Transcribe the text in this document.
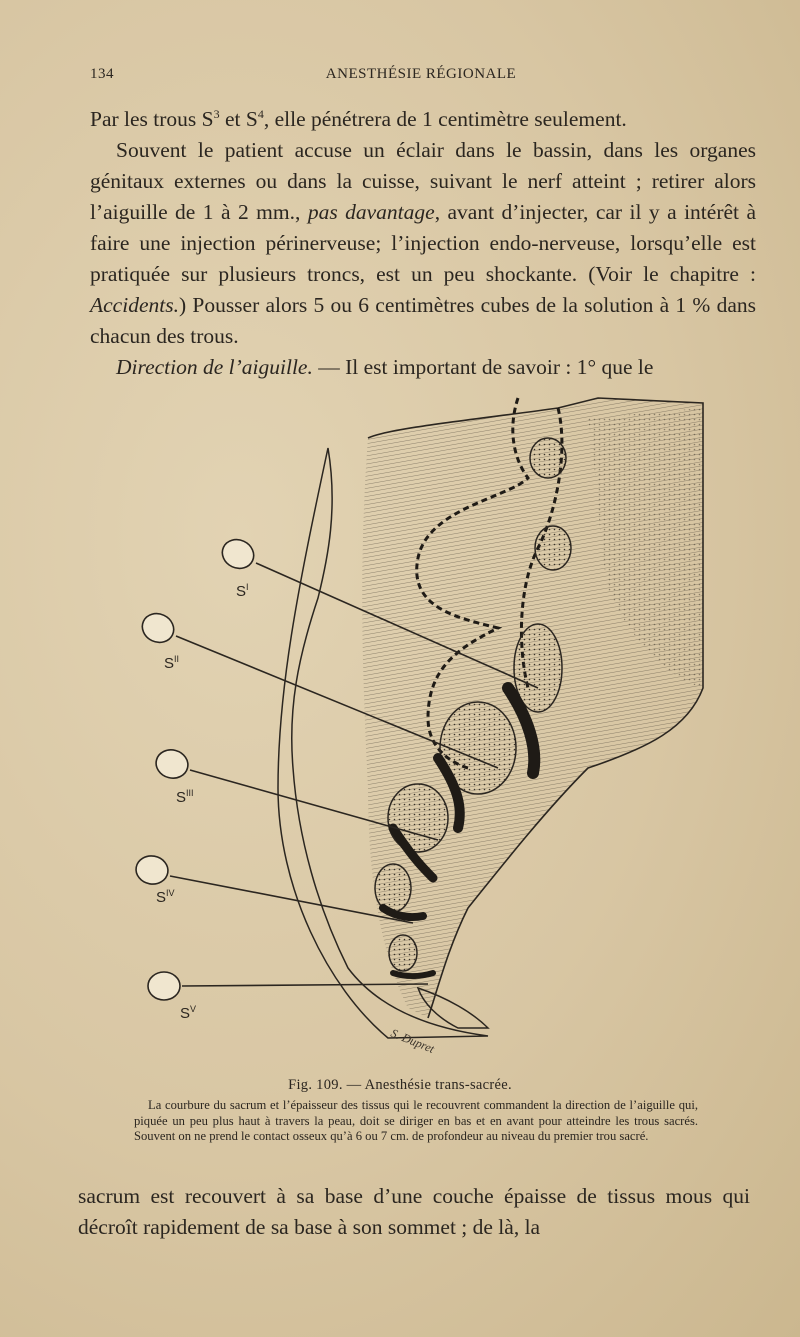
134	ANESTHÉSIE RÉGIONALE

Par les trous $S^3$ et $S^4$, elle pénétrera de 1 centimètre seulement.

Souvent le patient accuse un éclair dans le bassin, dans les organes génitaux externes ou dans la cuisse, suivant le nerf atteint ; retirer alors l’aiguille de 1 à 2 mm., pas davantage, avant d’injecter, car il y a intérêt à faire une injection périnerveuse; l’injection endo-nerveuse, lorsqu’elle est pratiquée sur plusieurs troncs, est un peu shockante. (Voir le chapitre : Accidents.) Pousser alors 5 ou 6 centimètres cubes de la solution à 1 % dans chacun des trous.

Direction de l’aiguille. — Il est important de savoir : 1° que le

$S^I$
$S^{II}$
$S^{III}$
$S^{IV}$
$S^V$
S. Dupret
Fig. 109. — Anesthésie trans-sacrée.

La courbure du sacrum et l’épaisseur des tissus qui le recouvrent commandent la direction de l’aiguille qui, piquée un peu plus haut à travers la peau, doit se diriger en bas et en avant pour atteindre les trous sacrés. Souvent on ne prend le contact osseux qu’à 6 ou 7 cm. de profondeur au niveau du premier trou sacré.

sacrum est recouvert à sa base d’une couche épaisse de tissus mous qui décroît rapidement de sa base à son sommet ; de là, la
